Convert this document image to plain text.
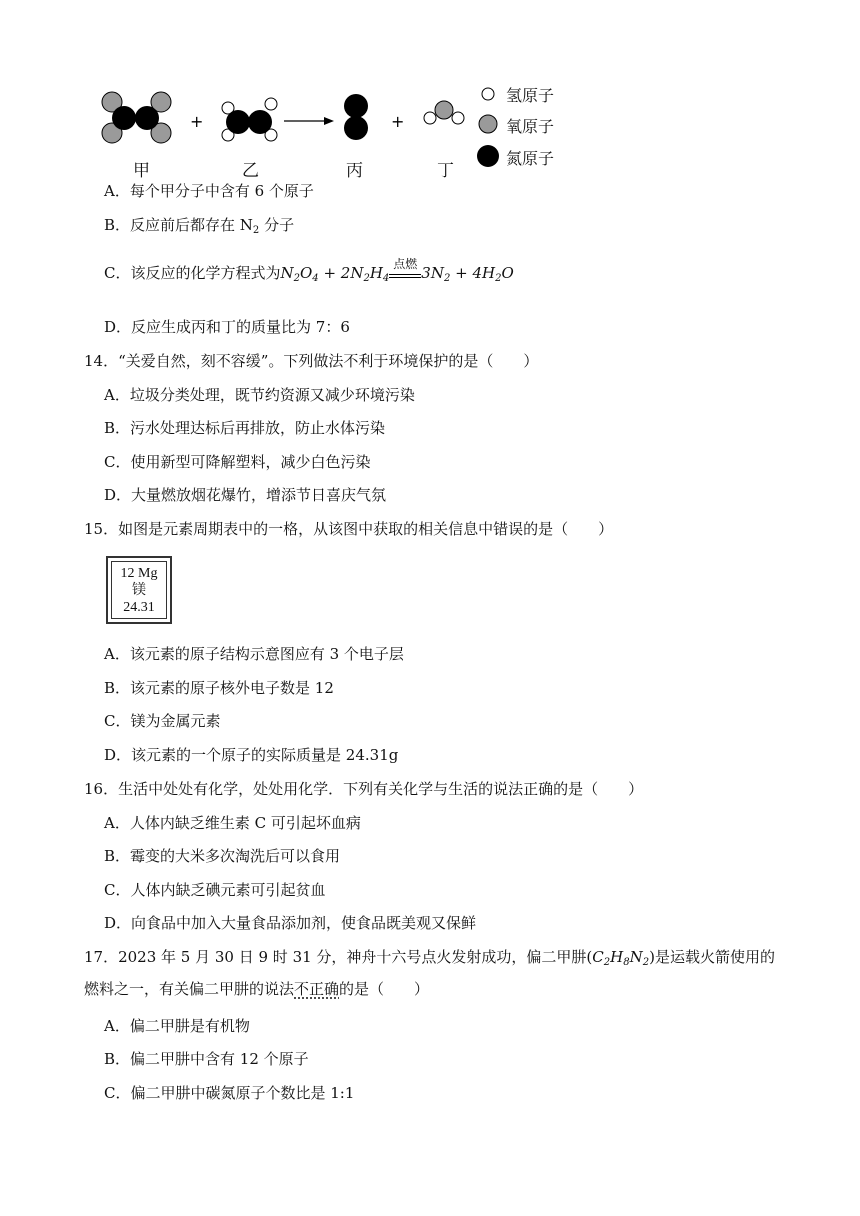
+	+
甲	乙	丙	丁
氢原子
氧原子
氮原子
A．每个甲分子中含有 6 个原子
B．反应前后都存在 $N_2$ 分子
C．该反应的化学方程式为$N_2O_4 + 2N_2H_4$
点燃 $3N_2 + 4H_2O$
D．反应生成丙和丁的质量比为 7：6
14．“关爱自然，刻不容缓”。下列做法不利于环境保护的是（　　）
A．垃圾分类处理，既节约资源又减少环境污染
B．污水处理达标后再排放，防止水体污染
C．使用新型可降解塑料，减少白色污染
D．大量燃放烟花爆竹，增添节日喜庆气氛
15．如图是元素周期表中的一格，从该图中获取的相关信息中错误的是（　　）
12 Mg
镁
24.31
A．该元素的原子结构示意图应有 3 个电子层
B．该元素的原子核外电子数是 12
C．镁为金属元素
D．该元素的一个原子的实际质量是 24.31g
16．生活中处处有化学，处处用化学．下列有关化学与生活的说法正确的是（　　）
A．人体内缺乏维生素 C 可引起坏血病
B．霉变的大米多次淘洗后可以食用
C．人体内缺乏碘元素可引起贫血
D．向食品中加入大量食品添加剂，使食品既美观又保鲜
17．2023 年 5 月 30 日 9 时 31 分，神舟十六号点火发射成功，偏二甲肼$(C_2H_8N_2)$是运载火箭使用的
燃料之一，有关偏二甲肼的说法不正确的是（　　）
A．偏二甲肼是有机物
B．偏二甲肼中含有 12 个原子
C．偏二甲肼中碳氮原子个数比是 1:1
